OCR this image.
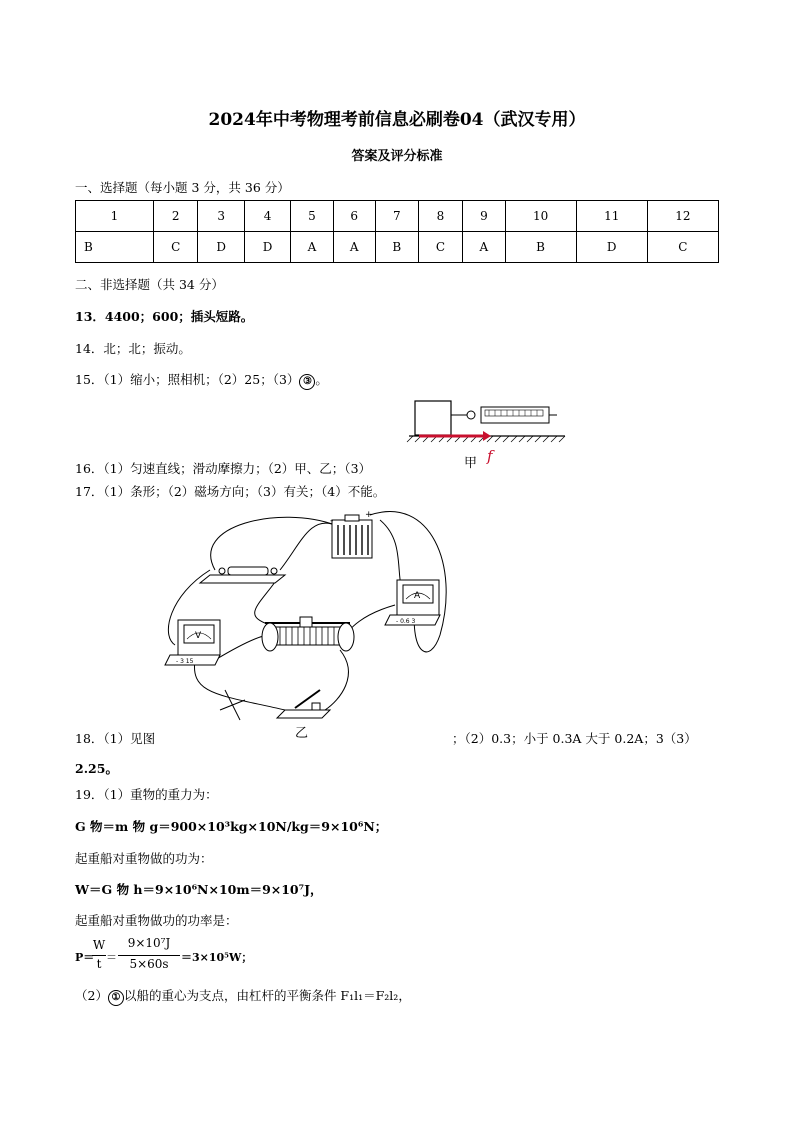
2024年中考物理考前信息必刷卷04（武汉专用）
答案及评分标准
一、选择题（每小题 3 分，共 36 分）
1	2	3	4	5	6	7	8	9	10	11	12
B	C	D	D	A	A	B	C	A	B	D	C
二、非选择题（共 34 分）
13．4400；600；插头短路。
14．北；北；振动。
15．（1）缩小；照相机；（2）25；（3） ③ 。
甲 f
16．（1）匀速直线；滑动摩擦力；（2）甲、乙；（3）
17．（1）条形；（2）磁场方向；（3）有关；（4）不能。
-
+
V
- 3 15
A
- 0.6 3
乙
18．（1）见图	；（2）0.3；小于 0.3A 大于 0.2A；3（3）
2.25。
19．（1）重物的重力为：
G 物＝m 物 g＝900×10³kg×10N/kg＝9×10⁶N；
起重船对重物做的功为：
W＝G 物 h＝9×10⁶N×10m＝9×10⁷J，
起重船对重物做功的功率是：
P＝
W
t ＝
9×10⁷J
5×60s	＝3×10⁵W；
（2） ① 以船的重心为支点，由杠杆的平衡条件 F₁l₁＝F₂l₂，
